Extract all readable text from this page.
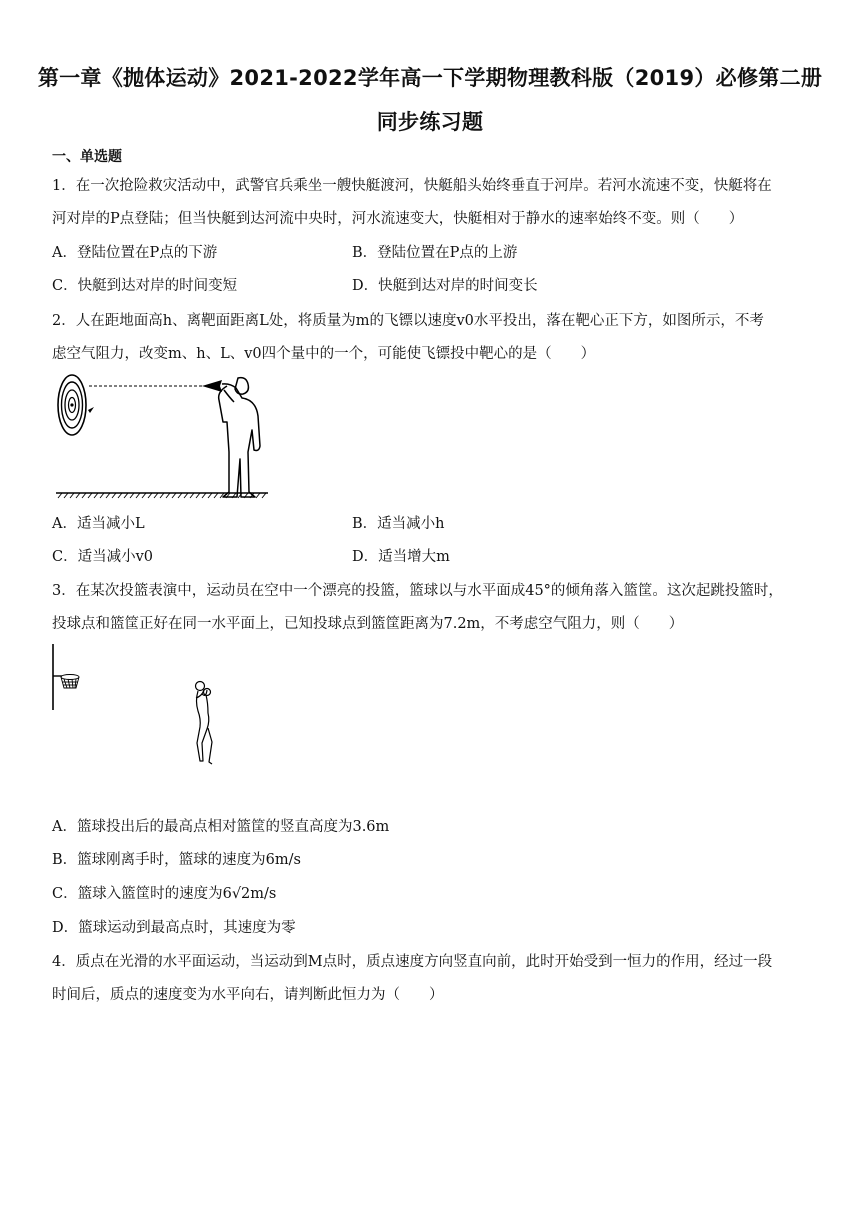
第一章《抛体运动》2021-2022学年高一下学期物理教科版（2019）必修第二册
同步练习题
一、单选题
1．在一次抢险救灾活动中，武警官兵乘坐一艘快艇渡河，快艇船头始终垂直于河岸。若河水流速不变，快艇将在
河对岸的P点登陆；但当快艇到达河流中央时，河水流速变大，快艇相对于静水的速率始终不变。则（　　）
A．登陆位置在P点的下游	B．登陆位置在P点的上游
C．快艇到达对岸的时间变短	D．快艇到达对岸的时间变长
2．人在距地面高h、离靶面距离L处，将质量为m的飞镖以速度v0水平投出，落在靶心正下方，如图所示，不考
虑空气阻力，改变m、h、L、v0四个量中的一个，可能使飞镖投中靶心的是（　　）
A．适当减小L	B．适当减小h
C．适当减小v0	D．适当增大m
3．在某次投篮表演中，运动员在空中一个漂亮的投篮，篮球以与水平面成45°的倾角落入篮筐。这次起跳投篮时，
投球点和篮筐正好在同一水平面上，已知投球点到篮筐距离为7.2m，不考虑空气阻力，则（　　）
A．篮球投出后的最高点相对篮筐的竖直高度为3.6m
B．篮球刚离手时，篮球的速度为6m/s
C．篮球入篮筐时的速度为6√2m/s
D．篮球运动到最高点时，其速度为零
4．质点在光滑的水平面运动，当运动到M点时，质点速度方向竖直向前，此时开始受到一恒力的作用，经过一段
时间后，质点的速度变为水平向右，请判断此恒力为（　　）
